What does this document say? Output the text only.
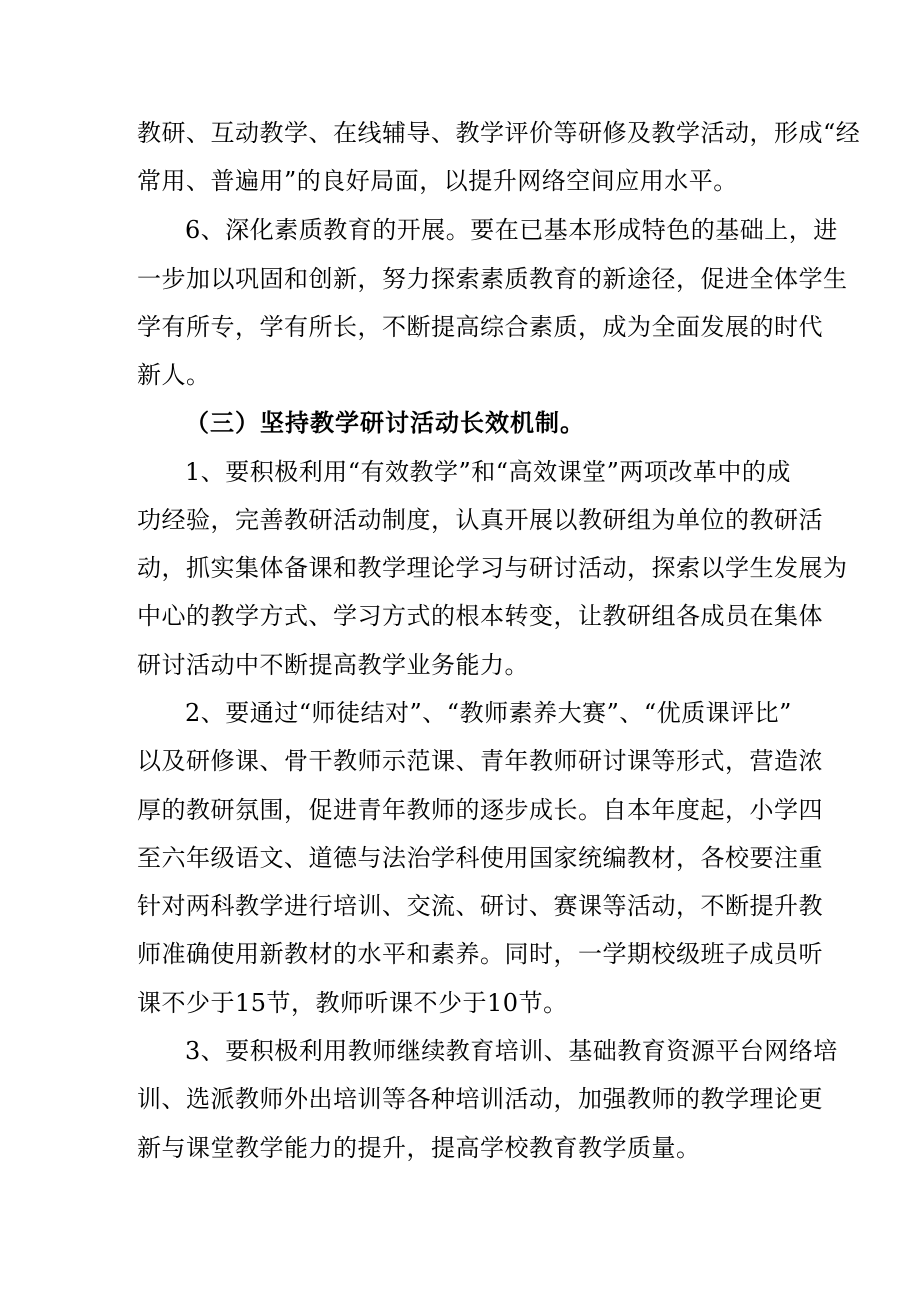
教研、互动教学、在线辅导、教学评价等研修及教学活动，形成“经
常用、普遍用”的良好局面，以提升网络空间应用水平。
6、深化素质教育的开展。要在已基本形成特色的基础上，进
一步加以巩固和创新，努力探索素质教育的新途径，促进全体学生
学有所专，学有所长，不断提高综合素质，成为全面发展的时代
新人。
（三）坚持教学研讨活动长效机制。
1、要积极利用“有效教学”和“高效课堂”两项改革中的成
功经验，完善教研活动制度，认真开展以教研组为单位的教研活
动，抓实集体备课和教学理论学习与研讨活动，探索以学生发展为
中心的教学方式、学习方式的根本转变，让教研组各成员在集体
研讨活动中不断提高教学业务能力。
2、要通过“师徒结对”、“教师素养大赛”、“优质课评比”
以及研修课、骨干教师示范课、青年教师研讨课等形式，营造浓
厚的教研氛围，促进青年教师的逐步成长。自本年度起，小学四
至六年级语文、道德与法治学科使用国家统编教材，各校要注重
针对两科教学进行培训、交流、研讨、赛课等活动，不断提升教
师准确使用新教材的水平和素养。同时，一学期校级班子成员听
课不少于15节，教师听课不少于10节。
3、要积极利用教师继续教育培训、基础教育资源平台网络培
训、选派教师外出培训等各种培训活动，加强教师的教学理论更
新与课堂教学能力的提升，提高学校教育教学质量。
